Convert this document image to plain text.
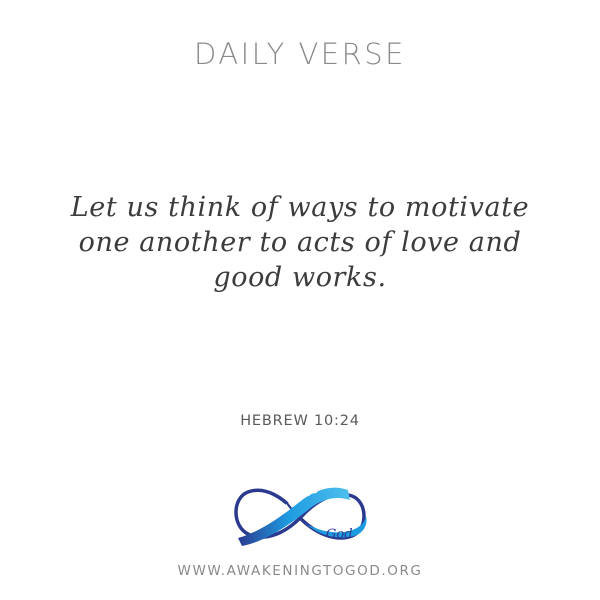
DAILY VERSE
Let us think of ways to motivate
one another to acts of love and
good works.
HEBREW 10:24
AWAKENING TO
God
WWW.AWAKENINGTOGOD.ORG
